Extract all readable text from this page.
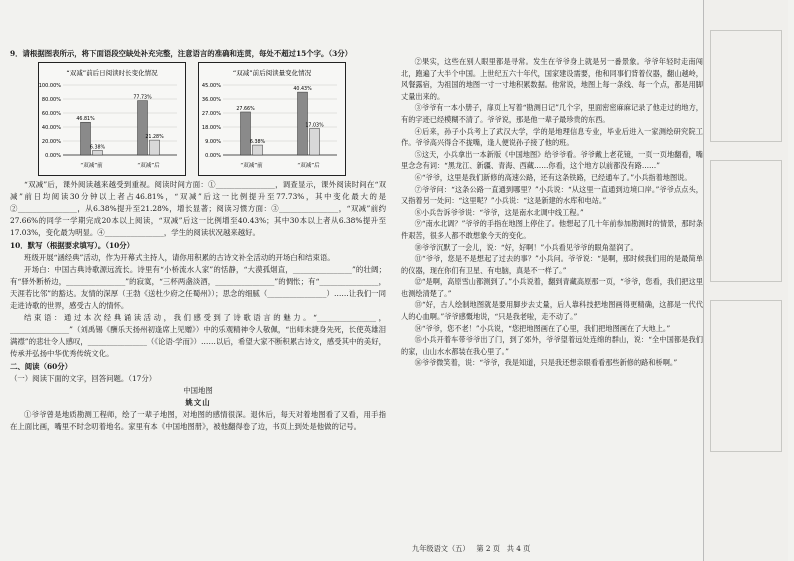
9．请根据图表所示，将下面语段空缺处补充完整，注意语言的准确和连贯，每处不超过15个字。（3分）

“双减”前后日阅读时长变化情况
0.00%
20.00%
40.00%
60.00%
80.00%
100.00%
46.81%
6.38%
“双减”前
77.73%
21.28%
“双减”后
“双减”前后阅读量变化情况
0.00%
9.00%
18.00%
27.00%
36.00%
45.00%
27.66%
6.38%
“双减”前
40.43%
17.03%
“双减”后

“双减”后，课外阅读越来越受到重视。阅读时间方面：①________________，调查显示，课外阅读时间在“双减”前日均阅读30分钟以上者占46.81%，“双减”后这一比例提升至77.73%，其中变化最大的是②________________，从6.38%提升至21.28%，增长显著；阅读习惯方面：③________________，“双减”前约27.66%的同学一学期完成20本以上阅读，“双减”后这一比例增至40.43%；其中30本以上者从6.38%提升至17.03%，变化最为明显。④________________，学生的阅读状况越来越好。

10．默写（根据要求填写）。（10分）

班级开展“涵经典”活动，作为开幕式主持人，请你用积累的古诗文补全活动的开场白和结束语。

开场白：中国古典诗歌源远流长。诗里有“小桥流水人家”的恬静，“大漠孤烟直，________________”的壮阔；有“驿外断桥边，________________”的寂寞，“三杯两盏淡酒，________________”的惆怅；有“________________，天涯若比邻”的豁达。友情的深厚（王勃《送杜少府之任蜀州》）；思念的细腻（________________）……让我们一同走进诗歌的世界，感受古人的情怀。

结束语：通过本次经典诵读活动，我们感受到了诗歌语言的魅力。“________________，________________”（刘禹锡《酬乐天扬州初逢席上见赠》）中的乐观精神令人敬佩，“出师未捷身先死，长使英雄泪满襟”的悲壮令人感叹，________________（《论语·学而》）……以后，希望大家不断积累古诗文，感受其中的美好，传承并弘扬中华优秀传统文化。

二、阅读（60分）

（一）阅读下面的文字，回答问题。（17分）

中国地图

姚文山

①爷爷曾是地质勘测工程师，绘了一辈子地图，对地图的感情很深。退休后，每天对着地图看了又看，用手指在上面比画，嘴里不时念叨着地名。家里有本《中国地图册》，被他翻得卷了边，书页上到处是他做的记号。

②果实，这些在别人眼里都是寻常。发生在爷爷身上就是另一番景象。爷爷年轻时走南闯北，跑遍了大半个中国。上世纪五六十年代，国家建设需要，他和同事们背着仪器，翻山越岭，风餐露宿，为祖国的地图一寸一寸地积累数据。他常说，地图上每一条线、每一个点，都是用脚丈量出来的。

③爷爷有一本小册子，扉页上写着“勘测日记”几个字，里面密密麻麻记录了他走过的地方，有的字迹已经模糊不清了。爷爷说，那是他一辈子最珍贵的东西。

④后来，孙子小兵考上了武汉大学，学的是地理信息专业，毕业后进入一家测绘研究院工作。爷爷高兴得合不拢嘴，逢人便说孙子接了他的班。

⑤这天，小兵拿出一本新版《中国地图》给爷爷看。爷爷戴上老花镜，一页一页地翻看，嘴里念念有词：“黑龙江、新疆、青海、西藏……你看，这个地方以前都没有路……”

⑥“爷爷，这里是我们新修的高速公路，还有这条铁路，已经通车了。”小兵指着地图说。

⑦爷爷问：“这条公路一直通到哪里？”小兵说：“从这里一直通到边境口岸。”爷爷点点头，又指着另一处问：“这里呢？”小兵说：“这是新建的水库和电站。”

⑧小兵告诉爷爷说：“爷爷，这是南水北调中线工程。”

⑨“南水北调？”爷爷的手指在地图上停住了。他想起了几十年前参加勘测时的情景，那时条件艰苦，很多人都不敢想象今天的变化。

⑩爷爷沉默了一会儿，说：“好，好啊！”小兵看见爷爷的眼角湿润了。

⑪“爷爷，您是不是想起了过去的事？”小兵问。爷爷说：“是啊，那时候我们用的是最简单的仪器，现在你们有卫星、有电脑，真是不一样了。”

⑫“是啊，高原雪山都测到了。”小兵说着，翻到青藏高原那一页，“爷爷，您看，我们把这里也测绘清楚了。”

⑬“好，古人绘制地图就是要用脚步去丈量，后人靠科技把地图画得更精确，这都是一代代人的心血啊。”爷爷感慨地说，“只是我老啦，走不动了。”

⑭“爷爷，您不老！”小兵说，“您把地图画在了心里，我们把地图画在了大地上。”

⑮小兵开着车带爷爷出了门，到了郊外，爷爷望着远处连绵的群山，说：“全中国都是我们的家，山山水水都装在我心里了。”

⑯爷爷微笑着，说：“爷爷，我是知道，只是我还想亲眼看看那些新修的路和桥啊。”

九年级语文（五） 第 2 页 共 4 页
